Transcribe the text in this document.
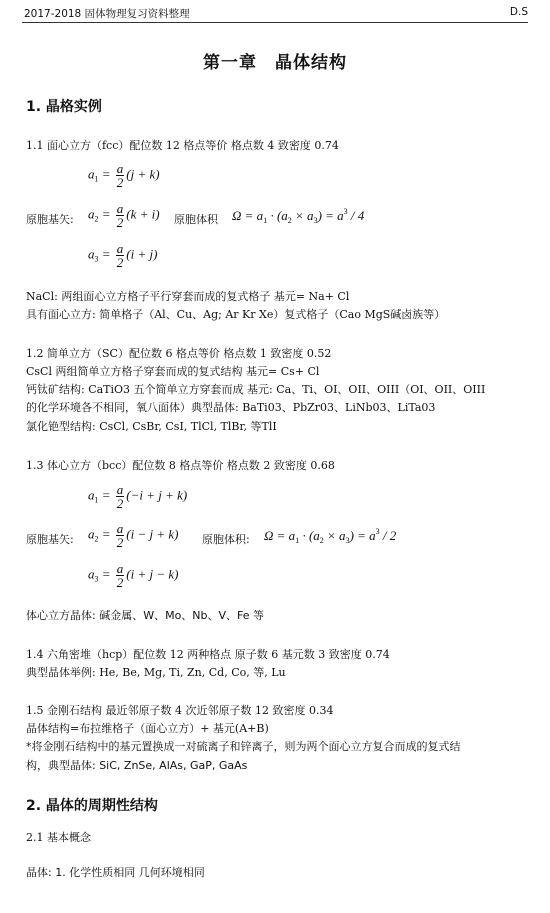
2017-2018 固体物理复习资料整理	D.S
第一章 晶体结构
1. 晶格实例
1.1 面心立方（fcc）配位数 12 格点等价 格点数 4 致密度 0.74
$a_1 = \frac{a}{2} (j + k)$
原胞基矢: $a_2 = \frac{a}{2} (k + i)$ 原胞体积 $\Omega = a_1 \cdot (a_2 \times a_3) = a^3 / 4$
$a_3 = \frac{a}{2} (i + j)$
NaCl: 两组面心立方格子平行穿套而成的复式格子 基元= Na+ Cl
具有面心立方: 简单格子（Al、Cu、Ag; Ar Kr Xe）复式格子（Cao MgS碱卤族等）
1.2 简单立方（SC）配位数 6 格点等价 格点数 1 致密度 0.52
CsCl 两组简单立方格子穿套而成的复式结构 基元= Cs+ Cl
钙钛矿结构: CaTiO3 五个简单立方穿套而成 基元: Ca、Ti、OI、OII、OIII（OI、OII、OIII
的化学环境各不相同，氧八面体）典型晶体: BaTi03、PbZr03、LiNb03、LiTa03
氯化铯型结构: CsCl, CsBr, CsI, TlCl, TlBr, 等TlI
1.3 体心立方（bcc）配位数 8 格点等价 格点数 2 致密度 0.68
$a_1 = \frac{a}{2} (-i + j + k)$
原胞基矢: $a_2 = \frac{a}{2} (i - j + k)$ 原胞体积: $\Omega = a_1 \cdot (a_2 \times a_3) = a^3 / 2$
$a_3 = \frac{a}{2} (i + j - k)$
体心立方晶体: 碱金属、W、Mo、Nb、V、Fe 等
1.4 六角密堆（hcp）配位数 12 两种格点 原子数 6 基元数 3 致密度 0.74
典型晶体举例: He, Be, Mg, Ti, Zn, Cd, Co, 等, Lu
1.5 金刚石结构 最近邻原子数 4 次近邻原子数 12 致密度 0.34
晶体结构=布拉维格子（面心立方）+ 基元(A+B)
*将金刚石结构中的基元置换成一对硫离子和锌离子，则为两个面心立方复合而成的复式结
构，典型晶体: SiC, ZnSe, AlAs, GaP, GaAs
2. 晶体的周期性结构
2.1 基本概念
晶体: 1. 化学性质相同 几何环境相同
